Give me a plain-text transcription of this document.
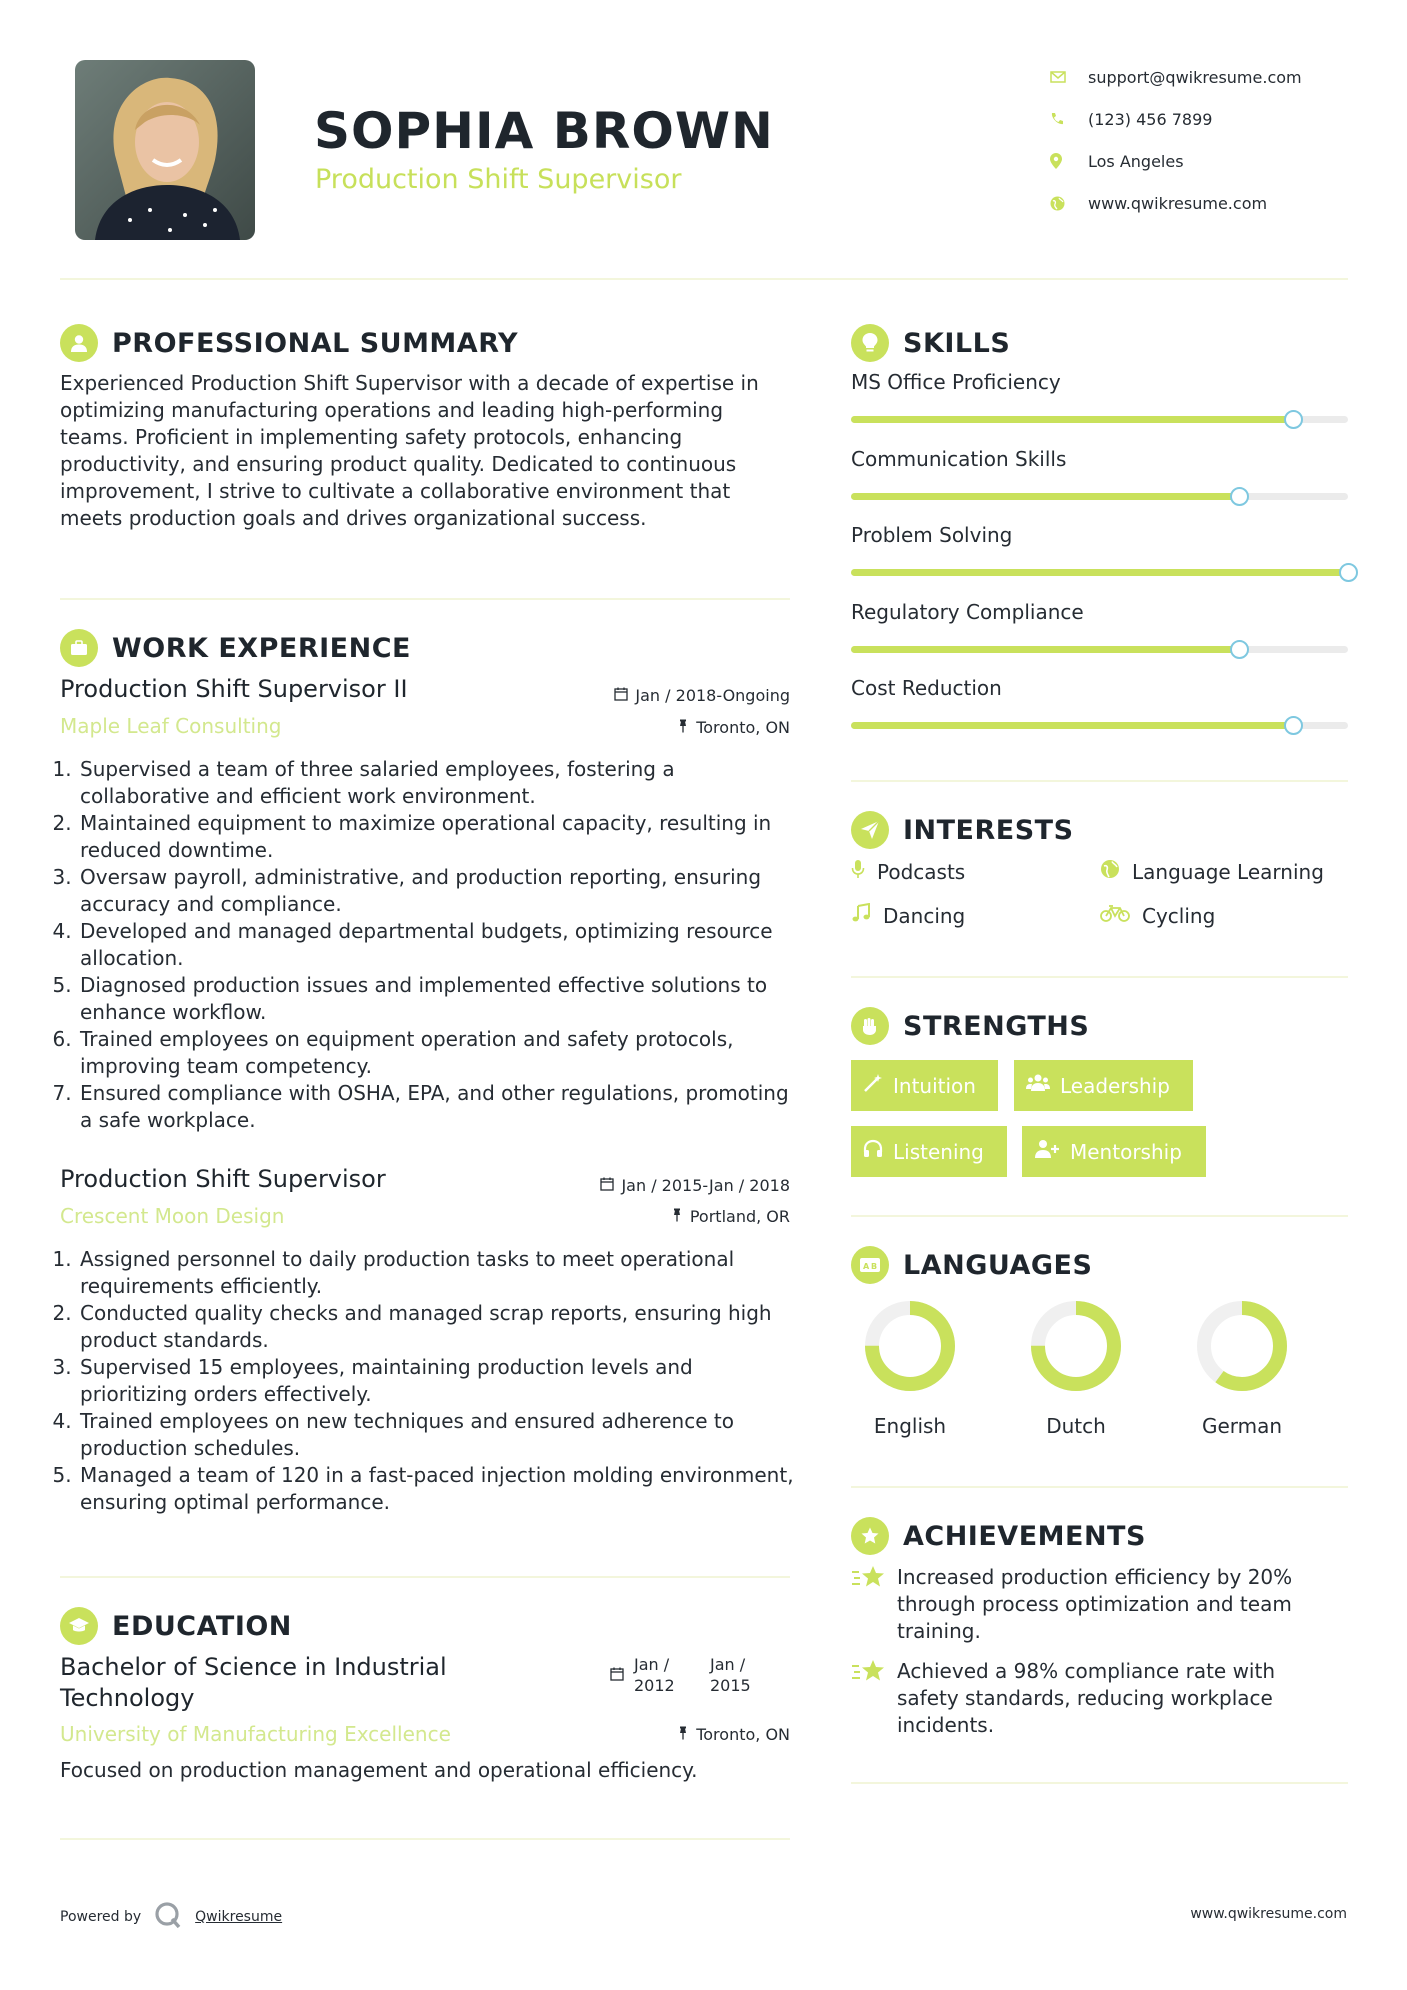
SOPHIA BROWN
Production Shift Supervisor
support@qwikresume.com
(123) 456 7899
Los Angeles
www.qwikresume.com
PROFESSIONAL SUMMARY
Experienced Production Shift Supervisor with a decade of expertise in optimizing manufacturing operations and leading high-performing teams. Proficient in implementing safety protocols, enhancing productivity, and ensuring product quality. Dedicated to continuous improvement, I strive to cultivate a collaborative environment that meets production goals and drives organizational success.
WORK EXPERIENCE
Production Shift Supervisor II	Jan / 2018-Ongoing
Maple Leaf Consulting	Toronto, ON
1. Supervised a team of three salaried employees, fostering a collaborative and efficient work environment.
2. Maintained equipment to maximize operational capacity, resulting in reduced downtime.
3. Oversaw payroll, administrative, and production reporting, ensuring accuracy and compliance.
4. Developed and managed departmental budgets, optimizing resource allocation.
5. Diagnosed production issues and implemented effective solutions to enhance workflow.
6. Trained employees on equipment operation and safety protocols, improving team competency.
7. Ensured compliance with OSHA, EPA, and other regulations, promoting a safe workplace.
Production Shift Supervisor	Jan / 2015-Jan / 2018
Crescent Moon Design	Portland, OR
1. Assigned personnel to daily production tasks to meet operational requirements efficiently.
2. Conducted quality checks and managed scrap reports, ensuring high product standards.
3. Supervised 15 employees, maintaining production levels and prioritizing orders effectively.
4. Trained employees on new techniques and ensured adherence to production schedules.
5. Managed a team of 120 in a fast-paced injection molding environment, ensuring optimal performance.
EDUCATION
Bachelor of Science in Industrial Technology
Jan / 2012
Jan / 2015
University of Manufacturing Excellence	Toronto, ON
Focused on production management and operational efficiency.
SKILLS
MS Office Proficiency
Communication Skills
Problem Solving
Regulatory Compliance
Cost Reduction
INTERESTS
Podcasts	Language Learning
Dancing	Cycling
STRENGTHS
Intuition	Leadership
Listening	Mentorship
A B LANGUAGES
English	Dutch	German
ACHIEVEMENTS
Increased production efficiency by 20% through process optimization and team training.
Achieved a 98% compliance rate with safety standards, reducing workplace incidents.
Powered by	Qwikresume	www.qwikresume.com
